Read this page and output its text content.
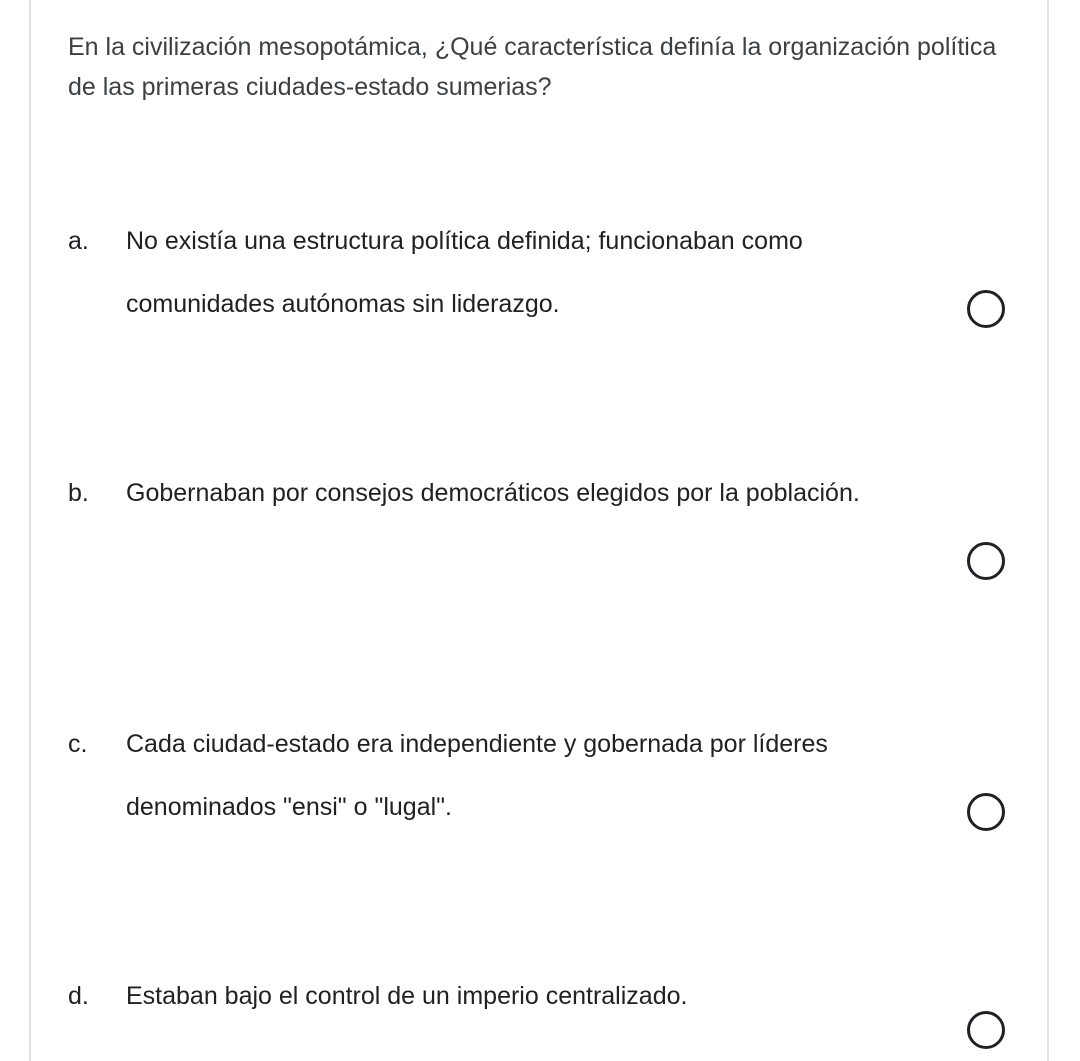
En la civilización mesopotámica, ¿Qué característica definía la organización política de las primeras ciudades-estado sumerias?

a. No existía una estructura política definida; funcionaban como comunidades autónomas sin liderazgo.
b. Gobernaban por consejos democráticos elegidos por la población.
c. Cada ciudad-estado era independiente y gobernada por líderes denominados "ensi" o "lugal".
d. Estaban bajo el control de un imperio centralizado.
